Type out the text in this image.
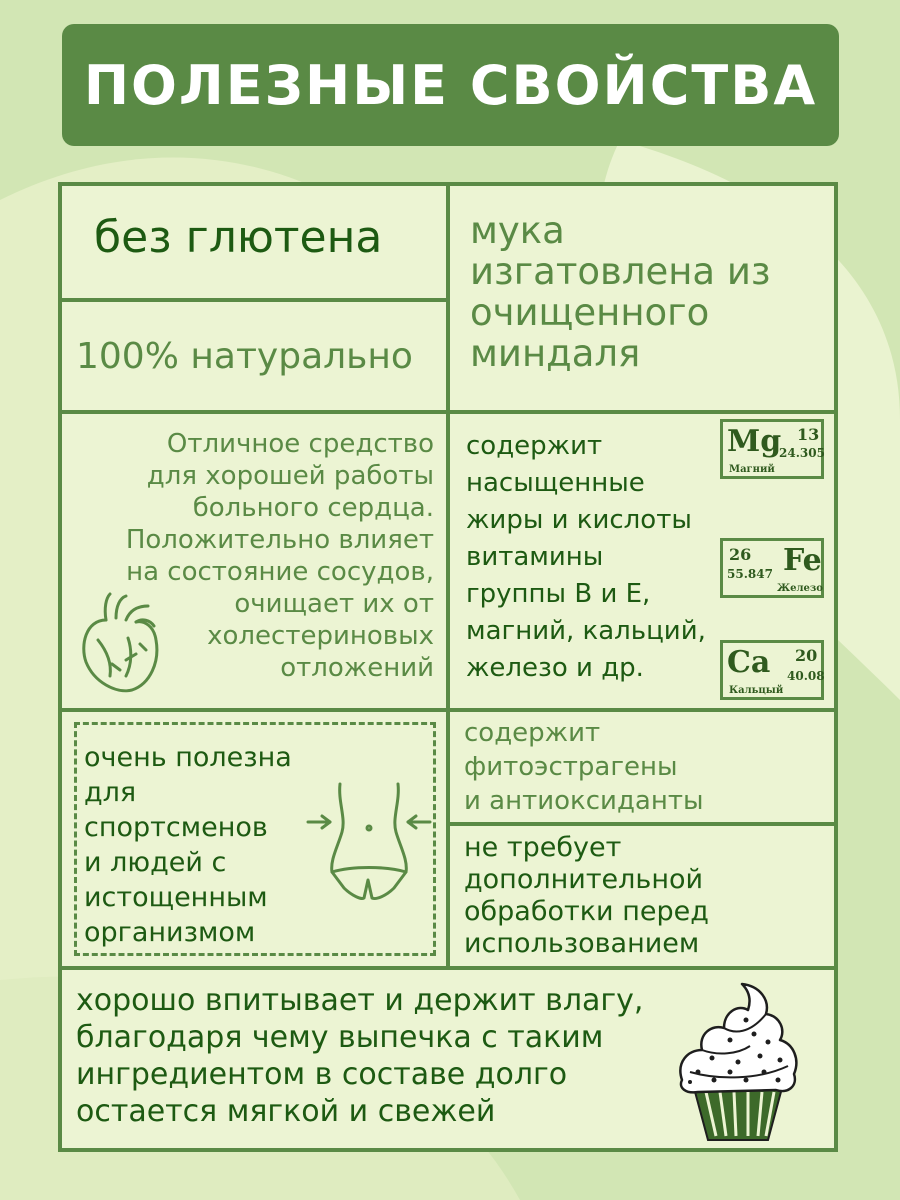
ПОЛЕЗНЫЕ СВОЙСТВА
без глютена
100% натурально
мука
изгатовлена из
очищенного
миндаля
Отличное средство
для хорошей работы
больного сердца.
Положительно влияет
на состояние сосудов,
очищает их от
холестериновых
отложений
содержит
насыщенные
жиры и кислоты
витамины
группы В и Е,
магний, кальций,
железо и др.
Mg 13
24.305
Магний
26 Fe
55.847
Железо
Ca 20
40.08
Кальцый
очень полезна
для
спортсменов
и людей с
истощенным
организмом
содержит
фитоэстрагены
и антиоксиданты
не требует
дополнительной
обработки перед
использованием
хорошо впитывает и держит влагу,
благодаря чему выпечка с таким
ингредиентом в составе долго
остается мягкой и свежей
